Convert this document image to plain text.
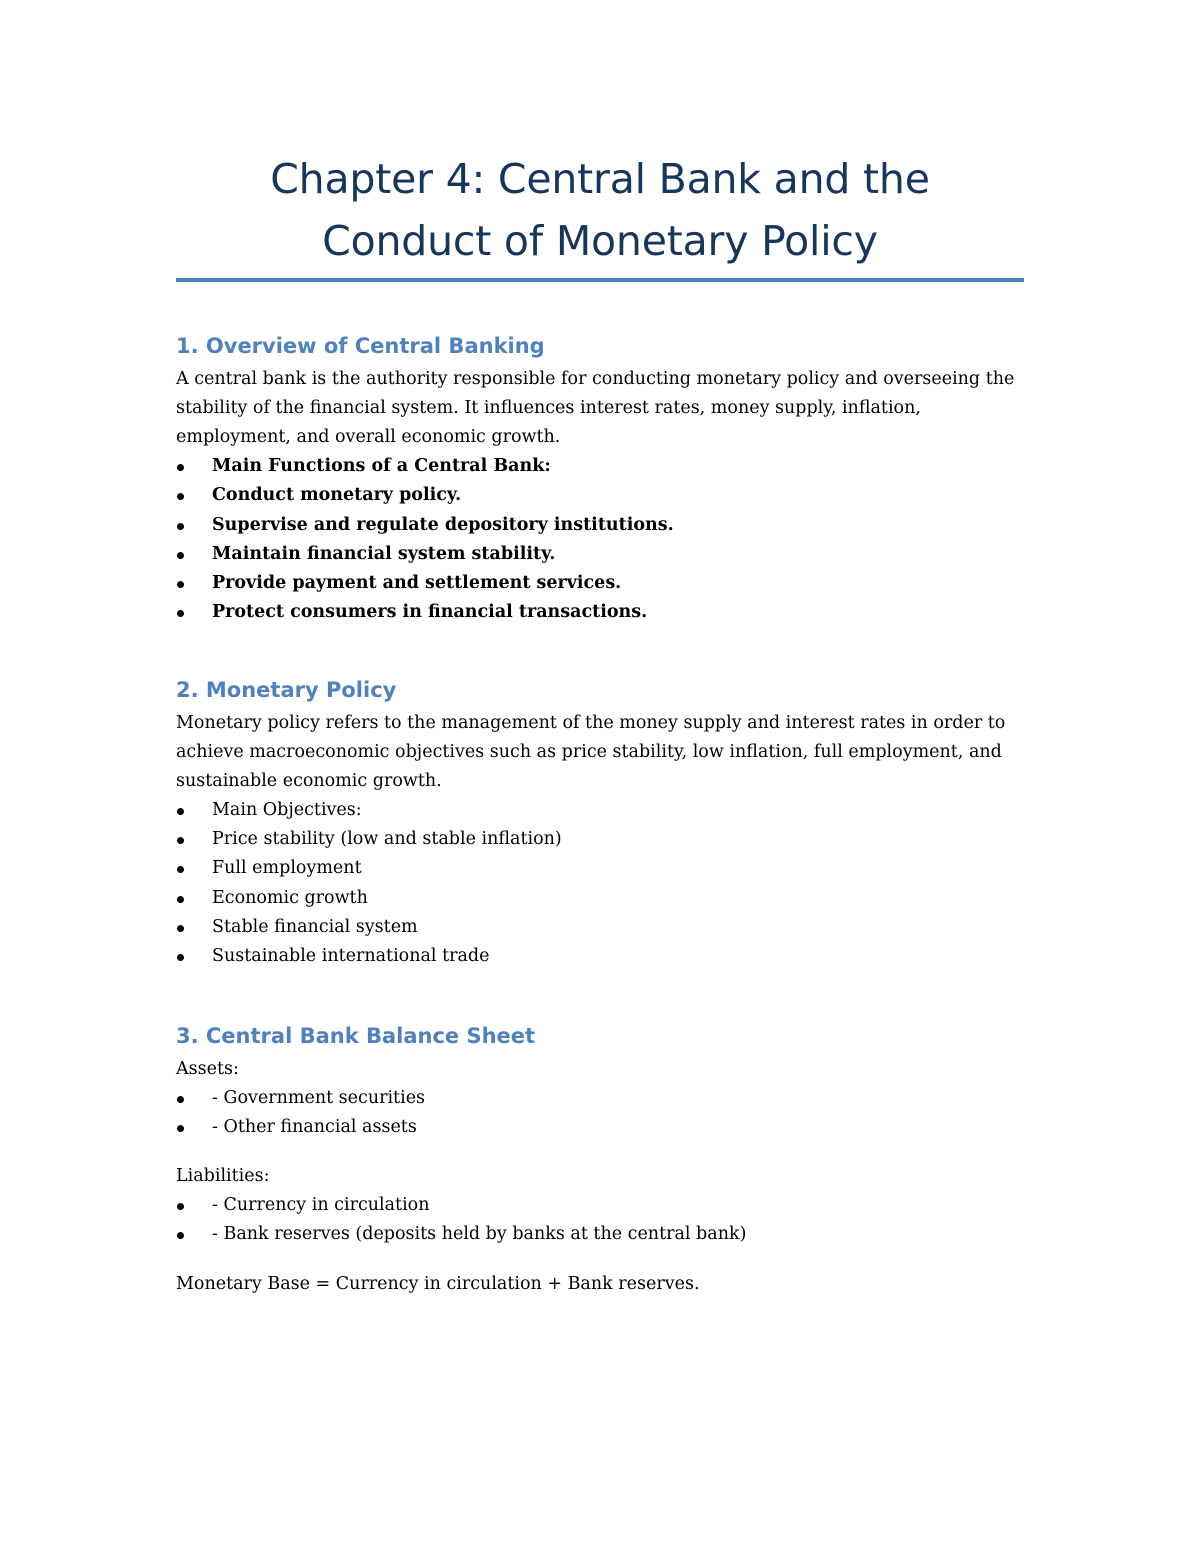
Chapter 4: Central Bank and the
Conduct of Monetary Policy
1. Overview of Central Banking

A central bank is the authority responsible for conducting monetary policy and overseeing the stability of the financial system. It influences interest rates, money supply, inflation, employment, and overall economic growth.

Main Functions of a Central Bank:
Conduct monetary policy.
Supervise and regulate depository institutions.
Maintain financial system stability.
Provide payment and settlement services.
Protect consumers in financial transactions.
2. Monetary Policy

Monetary policy refers to the management of the money supply and interest rates in order to achieve macroeconomic objectives such as price stability, low inflation, full employment, and sustainable economic growth.

Main Objectives:
Price stability (low and stable inflation)
Full employment
Economic growth
Stable financial system
Sustainable international trade
3. Central Bank Balance Sheet

Assets:

- Government securities
- Other financial assets

Liabilities:

- Currency in circulation
- Bank reserves (deposits held by banks at the central bank)

Monetary Base = Currency in circulation + Bank reserves.
